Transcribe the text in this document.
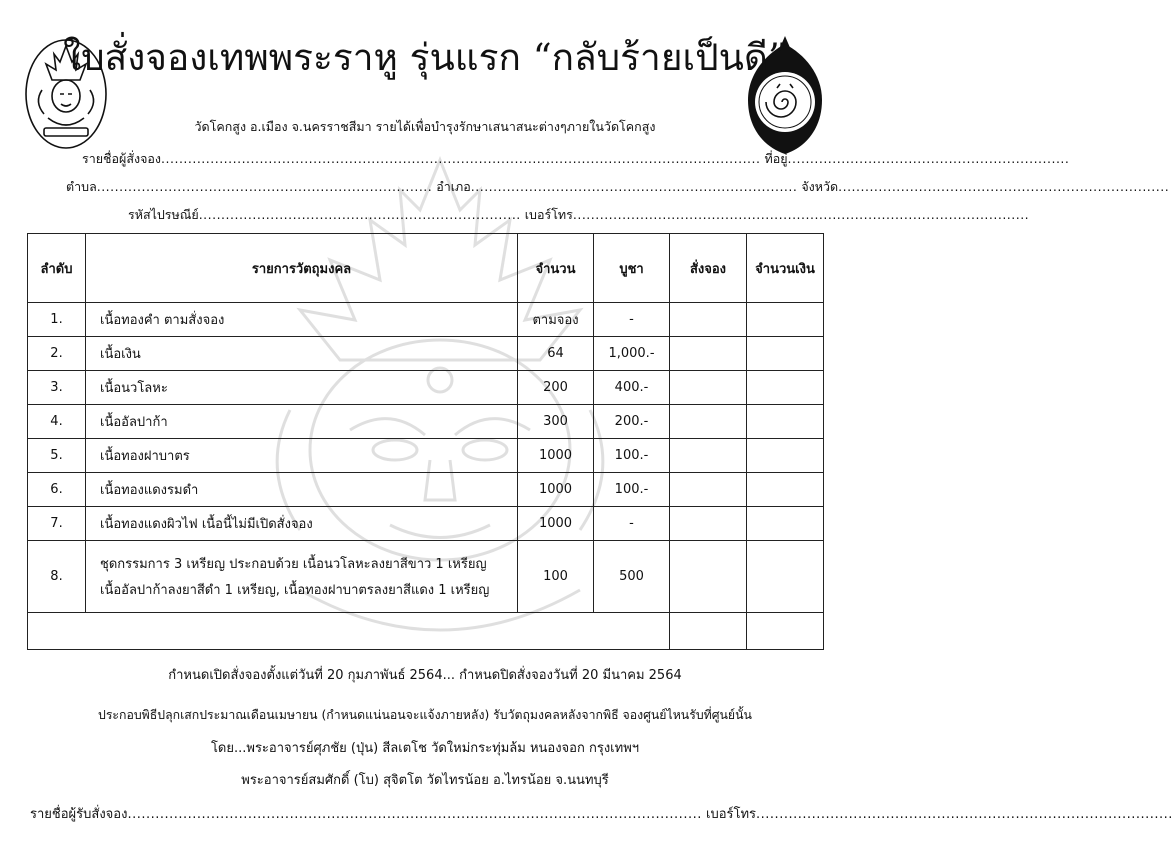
ใบสั่งจองเทพพระราหู รุ่นแรก “กลับร้ายเป็นดี”
วัดโคกสูง อ.เมือง จ.นครราชสีมา รายได้เพื่อบำรุงรักษาเสนาสนะต่างๆภายในวัดโคกสูง
รายชื่อผู้สั่งจอง...................................................................................................................................... ที่อยู่...............................................................
ตำบล........................................................................... อำเภอ......................................................................... จังหวัด..........................................................................
รหัสไปรษณีย์........................................................................ เบอร์โทร......................................................................................................
ลำดับ	รายการวัตถุมงคล	จำนวน	บูชา	สั่งจอง	จำนวนเงิน
1.	เนื้อทองคำ ตามสั่งจอง	ตามจอง	-		
2.	เนื้อเงิน	64	1,000.-		
3.	เนื้อนวโลหะ	200	400.-		
4.	เนื้ออัลปาก้า	300	200.-		
5.	เนื้อทองฝาบาตร	1000	100.-		
6.	เนื้อทองแดงรมดำ	1000	100.-		
7.	เนื้อทองแดงผิวไฟ เนื้อนี้ไม่มีเปิดสั่งจอง	1000	-		
8.	ชุดกรรมการ 3 เหรียญ ประกอบด้วย เนื้อนวโลหะลงยาสีขาว 1 เหรียญ
เนื้ออัลปาก้าลงยาสีดำ 1 เหรียญ, เนื้อทองฝาบาตรลงยาสีแดง 1 เหรียญ	100	500		

กำหนดเปิดสั่งจองตั้งแต่วันที่ 20 กุมภาพันธ์ 2564... กำหนดปิดสั่งจองวันที่ 20 มีนาคม 2564
ประกอบพิธีปลุกเสกประมาณเดือนเมษายน (กำหนดแน่นอนจะแจ้งภายหลัง) รับวัตถุมงคลหลังจากพิธี จองศูนย์ไหนรับที่ศูนย์นั้น
โดย...พระอาจารย์ศุภชัย (ปุ่น) สีลเตโช วัดใหม่กระทุ่มล้ม หนองจอก กรุงเทพฯ
พระอาจารย์สมศักดิ์ (โบ) สุจิตโต วัดไทรน้อย อ.ไทรน้อย จ.นนทบุรี
รายชื่อผู้รับสั่งจอง............................................................................................................................ เบอร์โทร..........................................................................................
